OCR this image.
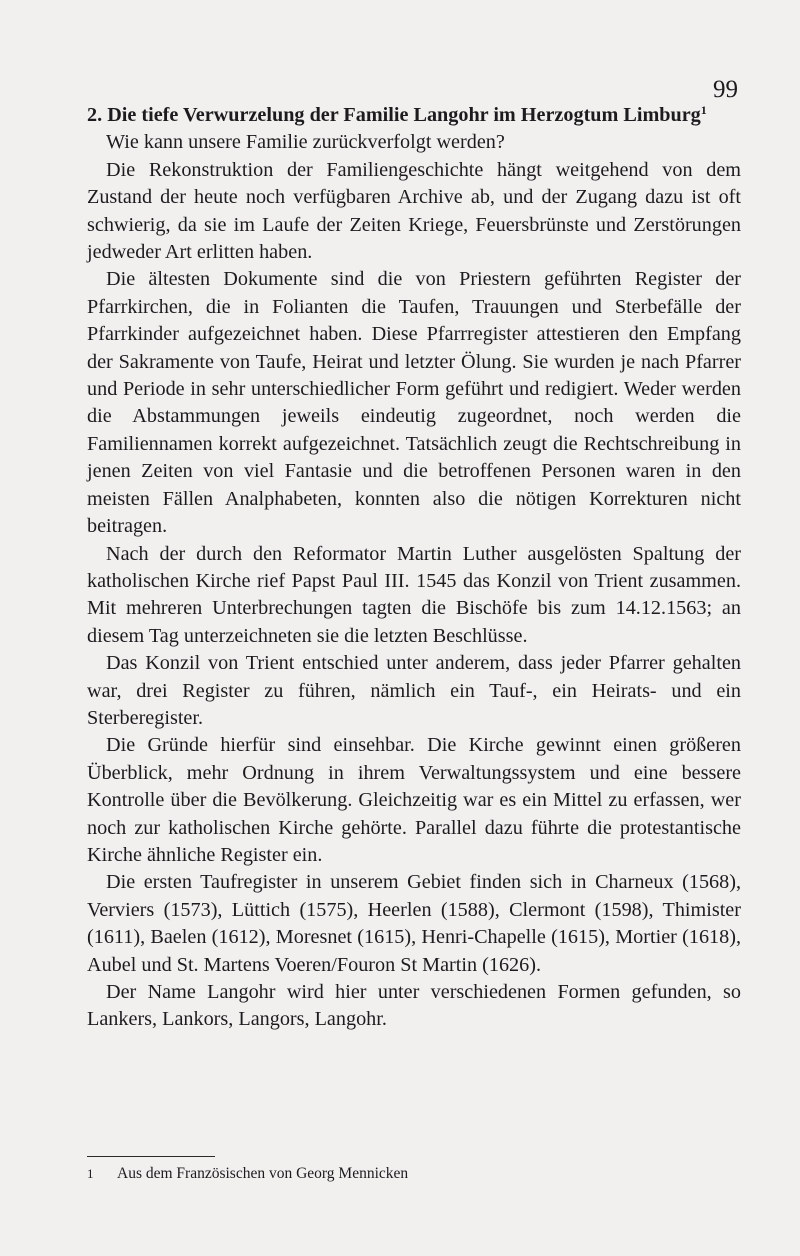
99

2. Die tiefe Verwurzelung der Familie Langohr im Herzogtum Limburg$^1$

Wie kann unsere Familie zurückverfolgt werden?

Die Rekonstruktion der Familiengeschichte hängt weitgehend von dem Zustand der heute noch verfügbaren Archive ab, und der Zugang dazu ist oft schwierig, da sie im Laufe der Zeiten Kriege, Feuersbrünste und Zerstörungen jedweder Art erlitten haben.

Die ältesten Dokumente sind die von Priestern geführten Register der Pfarrkirchen, die in Folianten die Taufen, Trauungen und Sterbefälle der Pfarrkinder aufgezeichnet haben. Diese Pfarrregister attestieren den Empfang der Sakramente von Taufe, Heirat und letzter Ölung. Sie wurden je nach Pfarrer und Periode in sehr unterschiedlicher Form geführt und redigiert. Weder werden die Abstammungen jeweils eindeutig zugeordnet, noch werden die Familiennamen korrekt aufgezeichnet. Tatsächlich zeugt die Rechtschreibung in jenen Zeiten von viel Fantasie und die betroffenen Personen waren in den meisten Fällen Analphabeten, konnten also die nötigen Korrekturen nicht beitragen.

Nach der durch den Reformator Martin Luther ausgelösten Spaltung der katholischen Kirche rief Papst Paul III. 1545 das Konzil von Trient zusammen. Mit mehreren Unterbrechungen tagten die Bischöfe bis zum 14.12.1563; an diesem Tag unterzeichneten sie die letzten Beschlüsse.

Das Konzil von Trient entschied unter anderem, dass jeder Pfarrer gehalten war, drei Register zu führen, nämlich ein Tauf-, ein Heirats- und ein Sterberegister.

Die Gründe hierfür sind einsehbar. Die Kirche gewinnt einen größeren Überblick, mehr Ordnung in ihrem Verwaltungssystem und eine bessere Kontrolle über die Bevölkerung. Gleichzeitig war es ein Mittel zu erfassen, wer noch zur katholischen Kirche gehörte. Parallel dazu führte die protestantische Kirche ähnliche Register ein.

Die ersten Taufregister in unserem Gebiet finden sich in Charneux (1568), Verviers (1573), Lüttich (1575), Heerlen (1588), Clermont (1598), Thimister (1611), Baelen (1612), Moresnet (1615), Henri-Chapelle (1615), Mortier (1618), Aubel und St. Martens Voeren/Fouron St Martin (1626).

Der Name Langohr wird hier unter verschiedenen Formen gefunden, so Lankers, Lankors, Langors, Langohr.

1 Aus dem Französischen von Georg Mennicken
